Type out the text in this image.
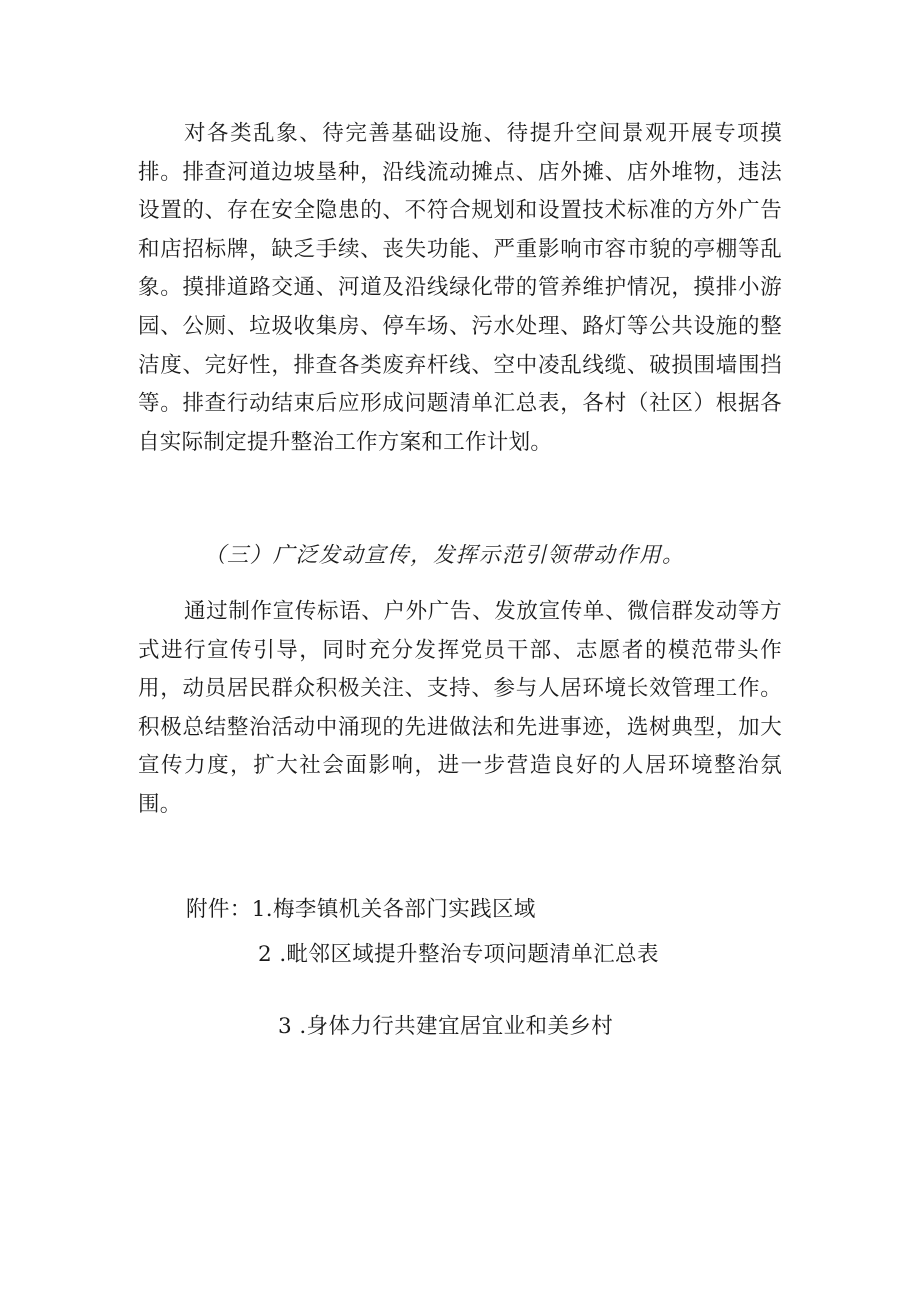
对各类乱象、待完善基础设施、待提升空间景观开展专项摸排。排查河道边坡垦种，沿线流动摊点、店外摊、店外堆物，违法设置的、存在安全隐患的、不符合规划和设置技术标准的方外广告和店招标牌，缺乏手续、丧失功能、严重影响市容市貌的亭棚等乱象。摸排道路交通、河道及沿线绿化带的管养维护情况，摸排小游园、公厕、垃圾收集房、停车场、污水处理、路灯等公共设施的整洁度、完好性，排查各类废弃杆线、空中凌乱线缆、破损围墙围挡等。排查行动结束后应形成问题清单汇总表，各村（社区）根据各自实际制定提升整治工作方案和工作计划。

（三）广泛发动宣传，发挥示范引领带动作用。

通过制作宣传标语、户外广告、发放宣传单、微信群发动等方式进行宣传引导，同时充分发挥党员干部、志愿者的模范带头作用，动员居民群众积极关注、支持、参与人居环境长效管理工作。积极总结整治活动中涌现的先进做法和先进事迹，选树典型，加大宣传力度，扩大社会面影响，进一步营造良好的人居环境整治氛围。

附件：1.梅李镇机关各部门实践区域

2 .毗邻区域提升整治专项问题清单汇总表

3 .身体力行共建宜居宜业和美乡村
